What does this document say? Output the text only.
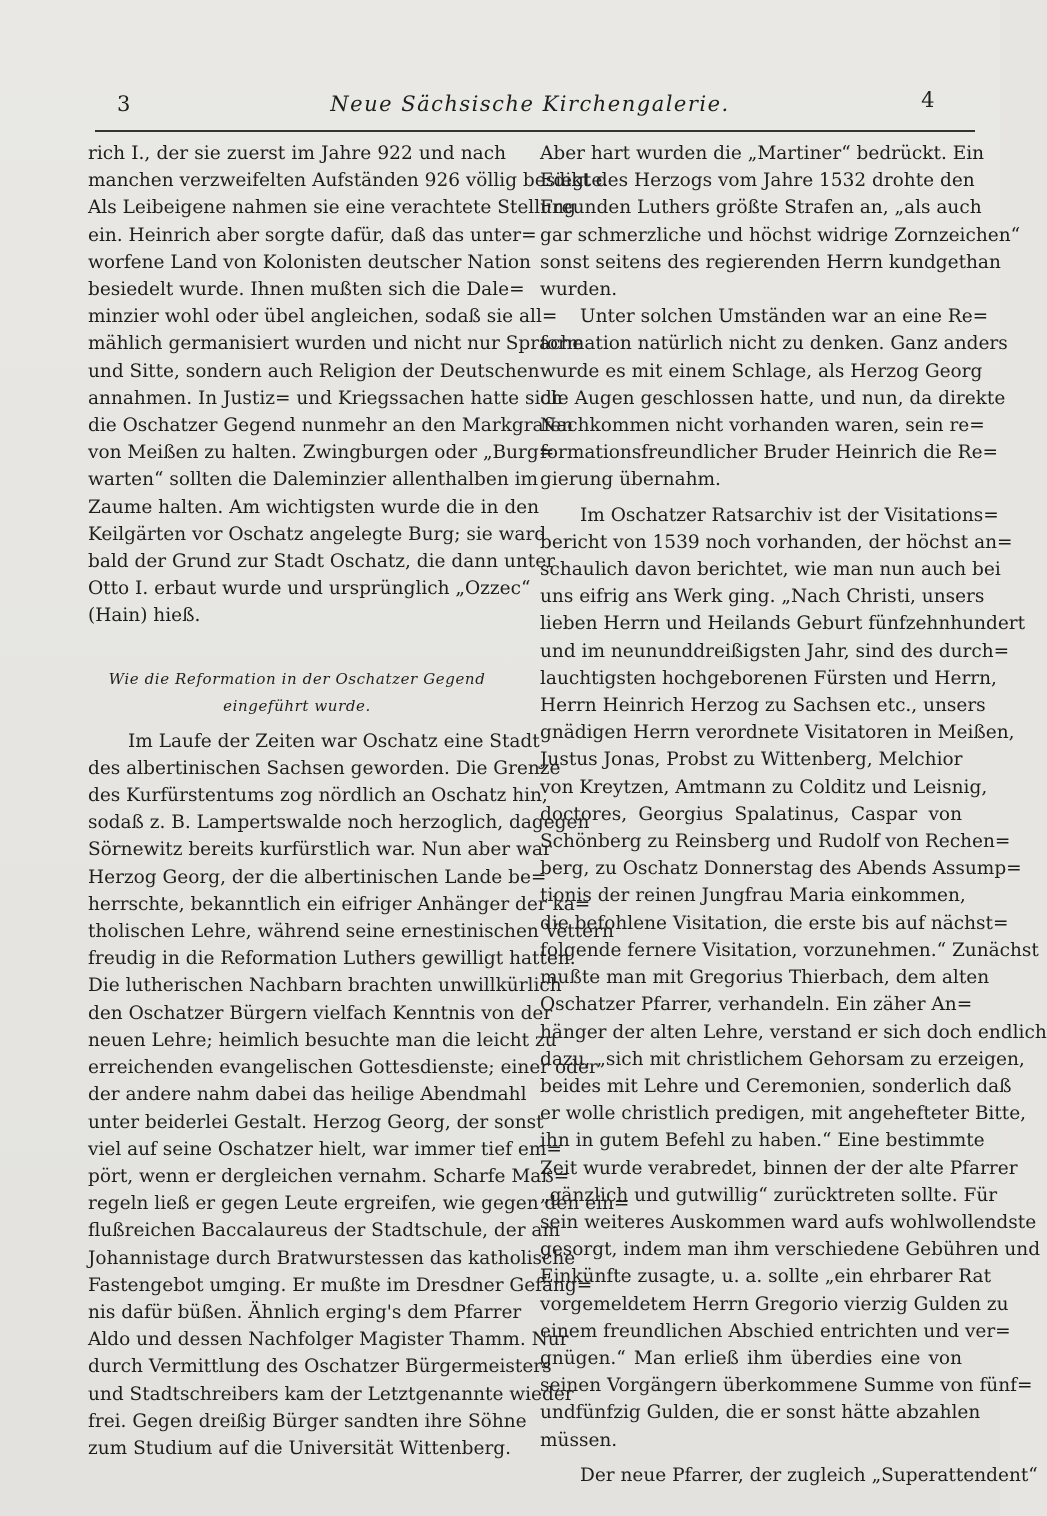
3	Neue Sächsische Kirchengalerie.	4
rich I., der sie zuerst im Jahre 922 und nach
manchen verzweifelten Aufständen 926 völlig besiegte.
Als Leibeigene nahmen sie eine verachtete Stellung
ein. Heinrich aber sorgte dafür, daß das unter=
worfene Land von Kolonisten deutscher Nation
besiedelt wurde. Ihnen mußten sich die Dale=
minzier wohl oder übel angleichen, sodaß sie all=
mählich germanisiert wurden und nicht nur Sprache
und Sitte, sondern auch Religion der Deutschen
annahmen. In Justiz= und Kriegssachen hatte sich
die Oschatzer Gegend nunmehr an den Markgrafen
von Meißen zu halten. Zwingburgen oder „Burg=
warten“ sollten die Daleminzier allenthalben im
Zaume halten. Am wichtigsten wurde die in den
Keilgärten vor Oschatz angelegte Burg; sie ward
bald der Grund zur Stadt Oschatz, die dann unter
Otto I. erbaut wurde und ursprünglich „Ozzec“
(Hain) hieß.
Wie die Reformation in der Oschatzer Gegend
eingeführt wurde.
Im Laufe der Zeiten war Oschatz eine Stadt
des albertinischen Sachsen geworden. Die Grenze
des Kurfürstentums zog nördlich an Oschatz hin,
sodaß z. B. Lampertswalde noch herzoglich, dagegen
Sörnewitz bereits kurfürstlich war. Nun aber war
Herzog Georg, der die albertinischen Lande be=
herrschte, bekanntlich ein eifriger Anhänger der ka=
tholischen Lehre, während seine ernestinischen Vettern
freudig in die Reformation Luthers gewilligt hatten.
Die lutherischen Nachbarn brachten unwillkürlich
den Oschatzer Bürgern vielfach Kenntnis von der
neuen Lehre; heimlich besuchte man die leicht zu
erreichenden evangelischen Gottesdienste; einer oder
der andere nahm dabei das heilige Abendmahl
unter beiderlei Gestalt. Herzog Georg, der sonst
viel auf seine Oschatzer hielt, war immer tief em=
pört, wenn er dergleichen vernahm. Scharfe Maß=
regeln ließ er gegen Leute ergreifen, wie gegen den ein=
flußreichen Baccalaureus der Stadtschule, der am
Johannistage durch Bratwurstessen das katholische
Fastengebot umging. Er mußte im Dresdner Gefäng=
nis dafür büßen. Ähnlich erging's dem Pfarrer
Aldo und dessen Nachfolger Magister Thamm. Nur
durch Vermittlung des Oschatzer Bürgermeisters
und Stadtschreibers kam der Letztgenannte wieder
frei. Gegen dreißig Bürger sandten ihre Söhne
zum Studium auf die Universität Wittenberg.
Aber hart wurden die „Martiner“ bedrückt. Ein
Edikt des Herzogs vom Jahre 1532 drohte den
Freunden Luthers größte Strafen an, „als auch
gar schmerzliche und höchst widrige Zornzeichen“
sonst seitens des regierenden Herrn kundgethan
wurden.
Unter solchen Umständen war an eine Re=
formation natürlich nicht zu denken. Ganz anders
wurde es mit einem Schlage, als Herzog Georg
die Augen geschlossen hatte, und nun, da direkte
Nachkommen nicht vorhanden waren, sein re=
formationsfreundlicher Bruder Heinrich die Re=
gierung übernahm.
Im Oschatzer Ratsarchiv ist der Visitations=
bericht von 1539 noch vorhanden, der höchst an=
schaulich davon berichtet, wie man nun auch bei
uns eifrig ans Werk ging. „Nach Christi, unsers
lieben Herrn und Heilands Geburt fünfzehnhundert
und im neununddreißigsten Jahr, sind des durch=
lauchtigsten hochgeborenen Fürsten und Herrn,
Herrn Heinrich Herzog zu Sachsen etc., unsers
gnädigen Herrn verordnete Visitatoren in Meißen,
Justus Jonas, Probst zu Wittenberg, Melchior
von Kreytzen, Amtmann zu Colditz und Leisnig,
doctores, Georgius Spalatinus, Caspar von
Schönberg zu Reinsberg und Rudolf von Rechen=
berg, zu Oschatz Donnerstag des Abends Assump=
tionis der reinen Jungfrau Maria einkommen,
die befohlene Visitation, die erste bis auf nächst=
folgende fernere Visitation, vorzunehmen.“ Zunächst
mußte man mit Gregorius Thierbach, dem alten
Oschatzer Pfarrer, verhandeln. Ein zäher An=
hänger der alten Lehre, verstand er sich doch endlich
dazu, „sich mit christlichem Gehorsam zu erzeigen,
beides mit Lehre und Ceremonien, sonderlich daß
er wolle christlich predigen, mit angehefteter Bitte,
ihn in gutem Befehl zu haben.“ Eine bestimmte
Zeit wurde verabredet, binnen der der alte Pfarrer
„gänzlich und gutwillig“ zurücktreten sollte. Für
sein weiteres Auskommen ward aufs wohlwollendste
gesorgt, indem man ihm verschiedene Gebühren und
Einkünfte zusagte, u. a. sollte „ein ehrbarer Rat
vorgemeldetem Herrn Gregorio vierzig Gulden zu
einem freundlichen Abschied entrichten und ver=
gnügen.“ Man erließ ihm überdies eine von
seinen Vorgängern überkommene Summe von fünf=
undfünfzig Gulden, die er sonst hätte abzahlen
müssen.
Der neue Pfarrer, der zugleich „Superattendent“
